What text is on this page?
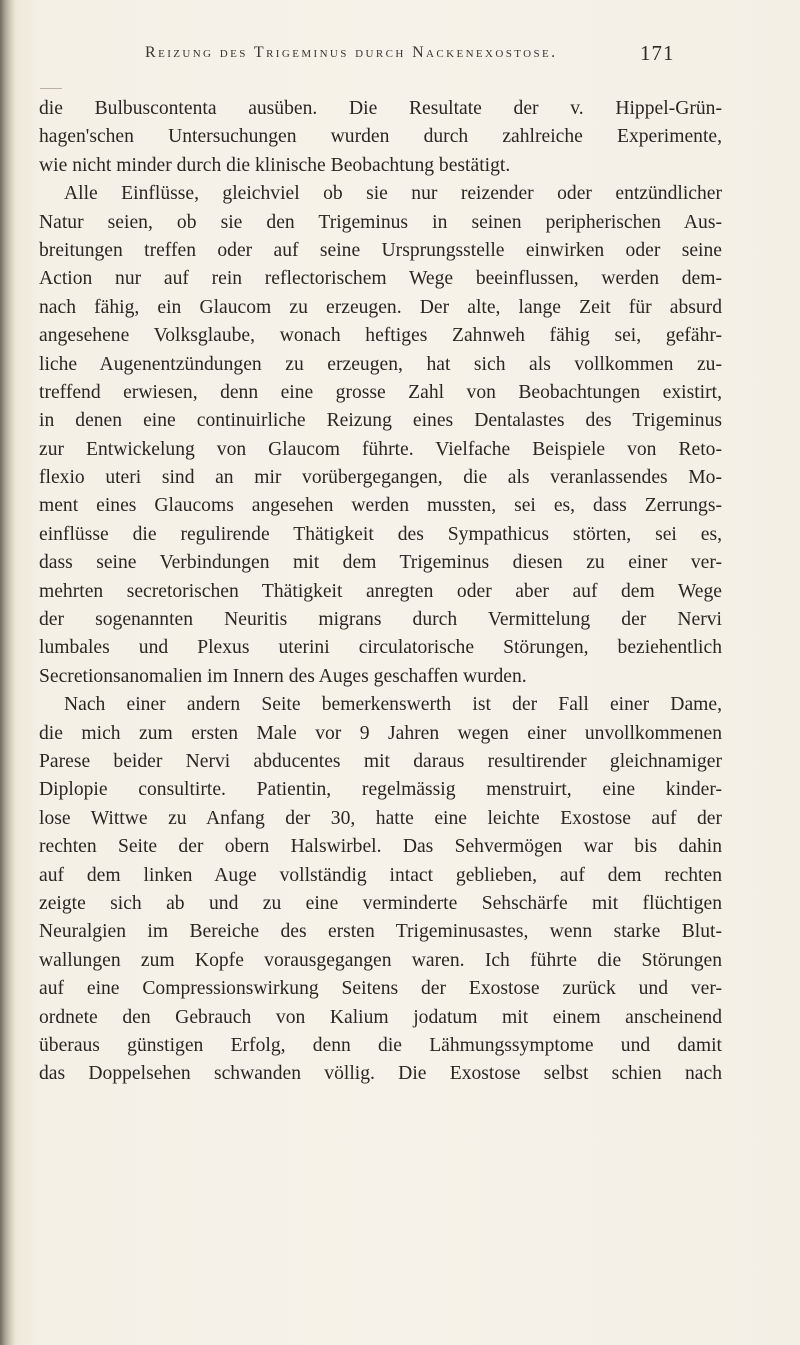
Reizung des Trigeminus durch Nackenexostose.	171
die Bulbuscontenta ausüben. Die Resultate der v. Hippel-Grün-
hagen'schen Untersuchungen wurden durch zahlreiche Experimente,
wie nicht minder durch die klinische Beobachtung bestätigt.
Alle Einflüsse, gleichviel ob sie nur reizender oder entzündlicher
Natur seien, ob sie den Trigeminus in seinen peripherischen Aus-
breitungen treffen oder auf seine Ursprungsstelle einwirken oder seine
Action nur auf rein reflectorischem Wege beeinflussen, werden dem-
nach fähig, ein Glaucom zu erzeugen. Der alte, lange Zeit für absurd
angesehene Volksglaube, wonach heftiges Zahnweh fähig sei, gefähr-
liche Augenentzündungen zu erzeugen, hat sich als vollkommen zu-
treffend erwiesen, denn eine grosse Zahl von Beobachtungen existirt,
in denen eine continuirliche Reizung eines Dentalastes des Trigeminus
zur Entwickelung von Glaucom führte. Vielfache Beispiele von Reto-
flexio uteri sind an mir vorübergegangen, die als veranlassendes Mo-
ment eines Glaucoms angesehen werden mussten, sei es, dass Zerrungs-
einflüsse die regulirende Thätigkeit des Sympathicus störten, sei es,
dass seine Verbindungen mit dem Trigeminus diesen zu einer ver-
mehrten secretorischen Thätigkeit anregten oder aber auf dem Wege
der sogenannten Neuritis migrans durch Vermittelung der Nervi
lumbales und Plexus uterini circulatorische Störungen, beziehentlich
Secretionsanomalien im Innern des Auges geschaffen wurden.
Nach einer andern Seite bemerkenswerth ist der Fall einer Dame,
die mich zum ersten Male vor 9 Jahren wegen einer unvollkommenen
Parese beider Nervi abducentes mit daraus resultirender gleichnamiger
Diplopie consultirte. Patientin, regelmässig menstruirt, eine kinder-
lose Wittwe zu Anfang der 30, hatte eine leichte Exostose auf der
rechten Seite der obern Halswirbel. Das Sehvermögen war bis dahin
auf dem linken Auge vollständig intact geblieben, auf dem rechten
zeigte sich ab und zu eine verminderte Sehschärfe mit flüchtigen
Neuralgien im Bereiche des ersten Trigeminusastes, wenn starke Blut-
wallungen zum Kopfe vorausgegangen waren. Ich führte die Störungen
auf eine Compressionswirkung Seitens der Exostose zurück und ver-
ordnete den Gebrauch von Kalium jodatum mit einem anscheinend
überaus günstigen Erfolg, denn die Lähmungssymptome und damit
das Doppelsehen schwanden völlig. Die Exostose selbst schien nach
